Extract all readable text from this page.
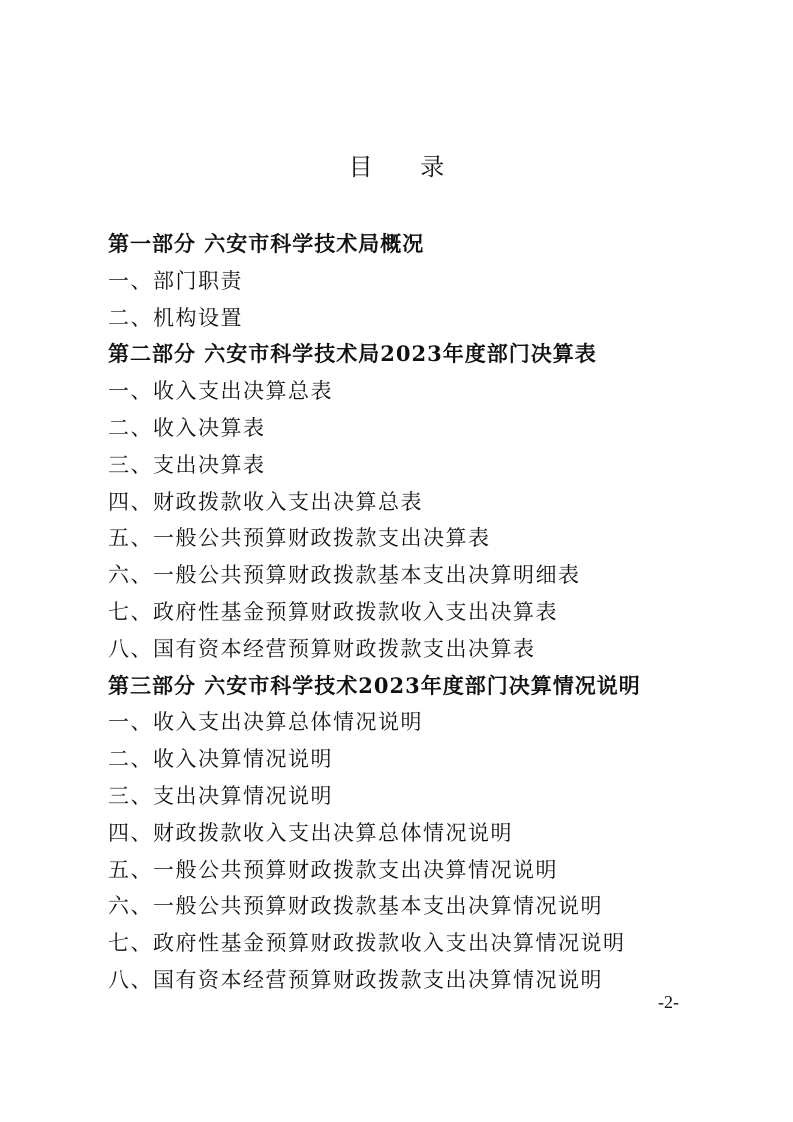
目 录
第一部分 六安市科学技术局概况
一、部门职责
二、机构设置
第二部分 六安市科学技术局2023年度部门决算表
一、收入支出决算总表
二、收入决算表
三、支出决算表
四、财政拨款收入支出决算总表
五、一般公共预算财政拨款支出决算表
六、一般公共预算财政拨款基本支出决算明细表
七、政府性基金预算财政拨款收入支出决算表
八、国有资本经营预算财政拨款支出决算表
第三部分 六安市科学技术2023年度部门决算情况说明
一、收入支出决算总体情况说明
二、收入决算情况说明
三、支出决算情况说明
四、财政拨款收入支出决算总体情况说明
五、一般公共预算财政拨款支出决算情况说明
六、一般公共预算财政拨款基本支出决算情况说明
七、政府性基金预算财政拨款收入支出决算情况说明
八、国有资本经营预算财政拨款支出决算情况说明
-2-
